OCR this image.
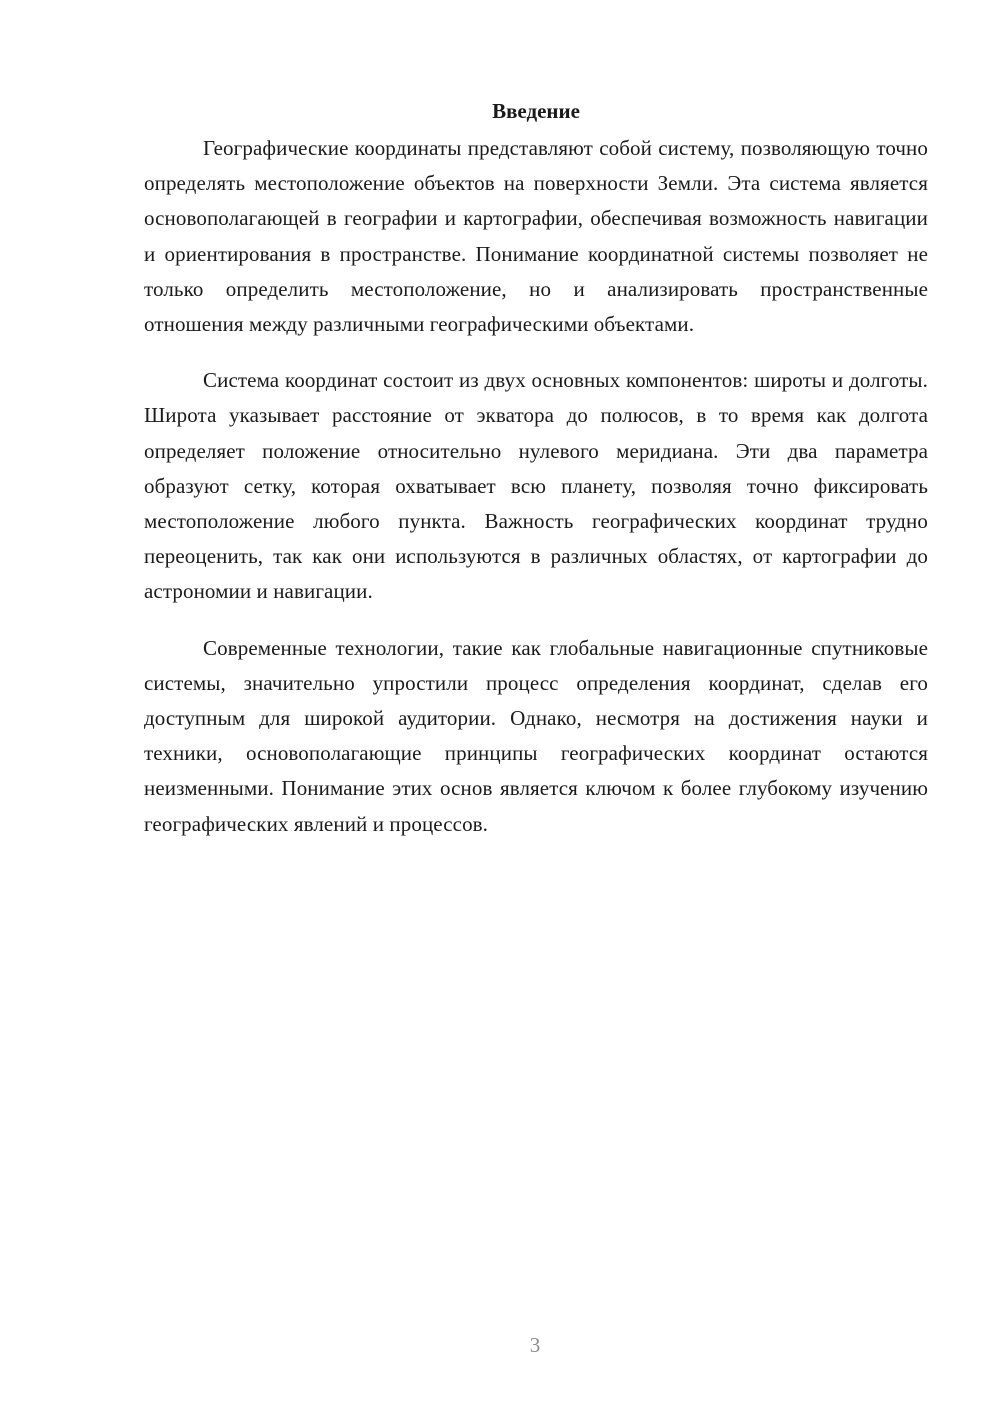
Введение

Географические координаты представляют собой систему, позволяющую точно определять местоположение объектов на поверхности Земли. Эта система является основополагающей в географии и картографии, обеспечивая возможность навигации и ориентирования в пространстве. Понимание координатной системы позволяет не только определить местоположение, но и анализировать пространственные отношения между различными географическими объектами.

Система координат состоит из двух основных компонентов: широты и долготы. Широта указывает расстояние от экватора до полюсов, в то время как долгота определяет положение относительно нулевого меридиана. Эти два параметра образуют сетку, которая охватывает всю планету, позволяя точно фиксировать местоположение любого пункта. Важность географических координат трудно переоценить, так как они используются в различных областях, от картографии до астрономии и навигации.

Современные технологии, такие как глобальные навигационные спутниковые системы, значительно упростили процесс определения координат, сделав его доступным для широкой аудитории. Однако, несмотря на достижения науки и техники, основополагающие принципы географических координат остаются неизменными. Понимание этих основ является ключом к более глубокому изучению географических явлений и процессов.

3
